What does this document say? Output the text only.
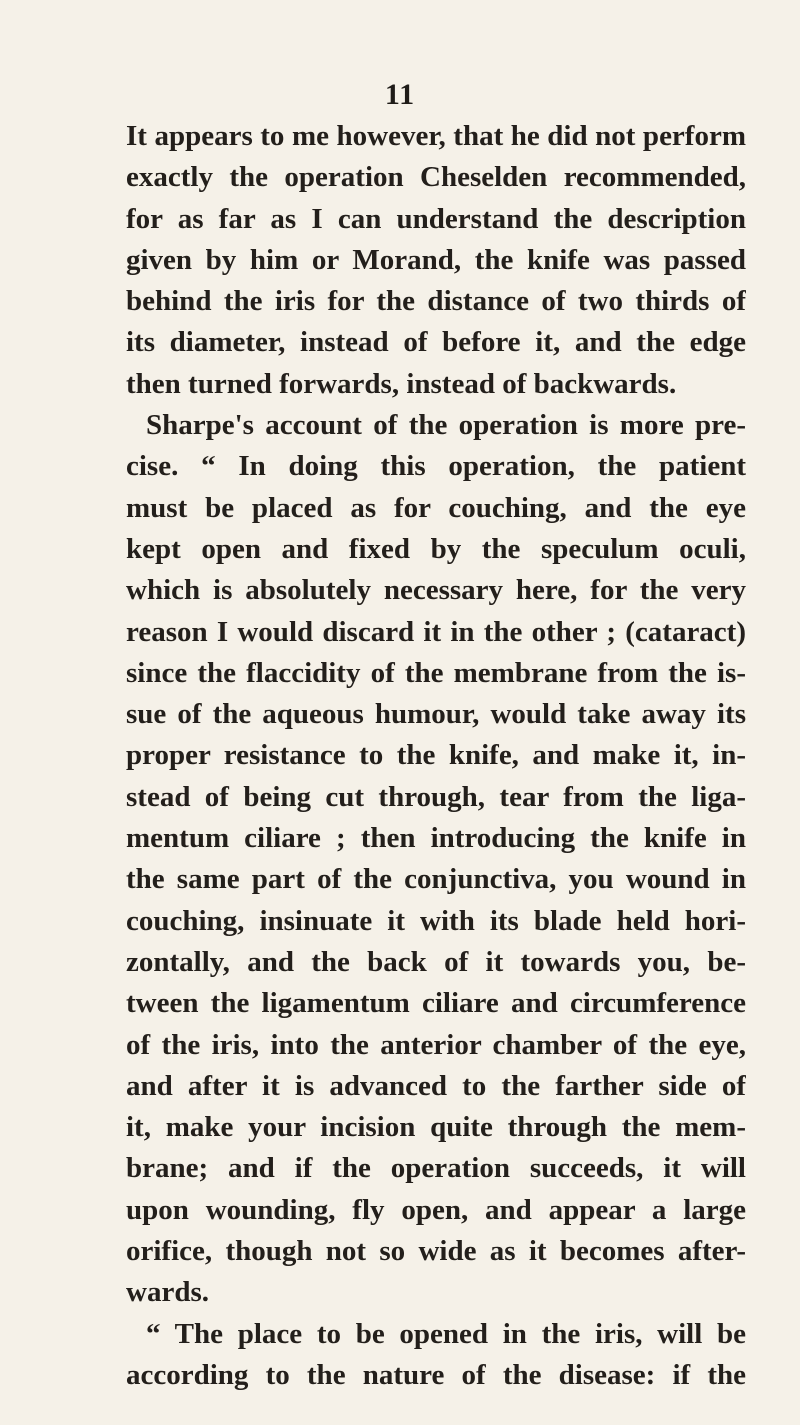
11
It appears to me however, that he did not perform
exactly the operation Cheselden recommended,
for as far as I can understand the description
given by him or Morand, the knife was passed
behind the iris for the distance of two thirds of
its diameter, instead of before it, and the edge
then turned forwards, instead of backwards.
Sharpe's account of the operation is more pre-
cise. “ In doing this operation, the patient
must be placed as for couching, and the eye
kept open and fixed by the speculum oculi,
which is absolutely necessary here, for the very
reason I would discard it in the other ; (cataract)
since the flaccidity of the membrane from the is-
sue of the aqueous humour, would take away its
proper resistance to the knife, and make it, in-
stead of being cut through, tear from the liga-
mentum ciliare ; then introducing the knife in
the same part of the conjunctiva, you wound in
couching, insinuate it with its blade held hori-
zontally, and the back of it towards you, be-
tween the ligamentum ciliare and circumference
of the iris, into the anterior chamber of the eye,
and after it is advanced to the farther side of
it, make your incision quite through the mem-
brane; and if the operation succeeds, it will
upon wounding, fly open, and appear a large
orifice, though not so wide as it becomes after-
wards.
“ The place to be opened in the iris, will be
according to the nature of the disease: if the
